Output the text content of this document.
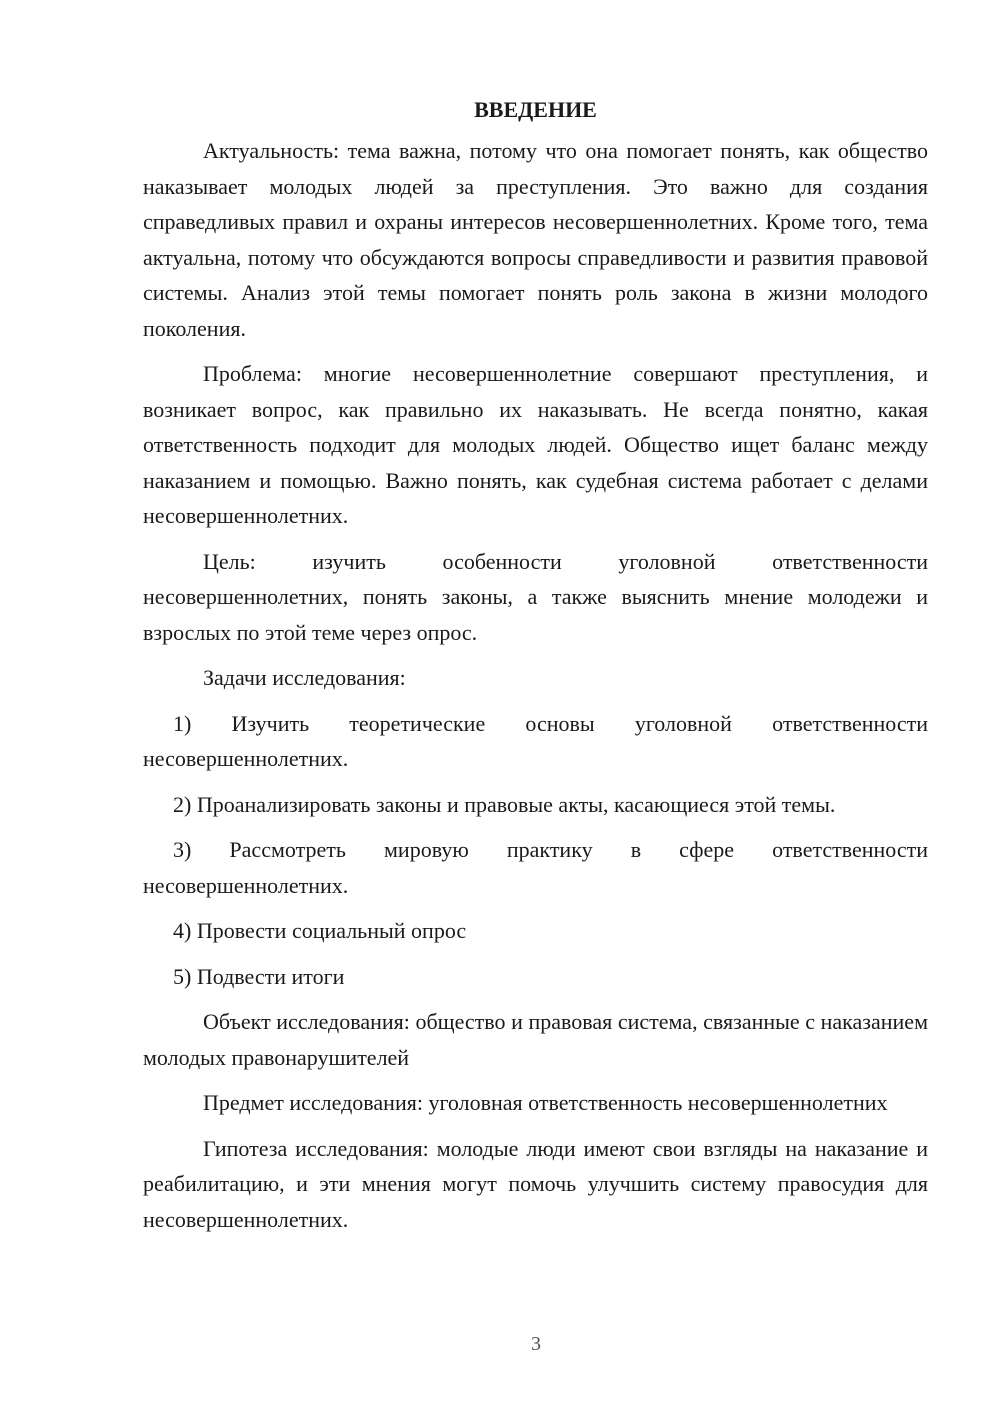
ВВЕДЕНИЕ

Актуальность: тема важна, потому что она помогает понять, как общество наказывает молодых людей за преступления. Это важно для создания справедливых правил и охраны интересов несовершеннолетних. Кроме того, тема актуальна, потому что обсуждаются вопросы справедливости и развития правовой системы. Анализ этой темы помогает понять роль закона в жизни молодого поколения.

Проблема: многие несовершеннолетние совершают преступления, и возникает вопрос, как правильно их наказывать. Не всегда понятно, какая ответственность подходит для молодых людей. Общество ищет баланс между наказанием и помощью. Важно понять, как судебная система работает с делами несовершеннолетних.

Цель: изучить особенности уголовной ответственности несовершеннолетних, понять законы, а также выяснить мнение молодежи и взрослых по этой теме через опрос.

Задачи исследования:

1) Изучить теоретические основы уголовной ответственности несовершеннолетних.

2) Проанализировать законы и правовые акты, касающиеся этой темы.

3) Рассмотреть мировую практику в сфере ответственности несовершеннолетних.

4) Провести социальный опрос

5) Подвести итоги

Объект исследования: общество и правовая система, связанные с наказанием молодых правонарушителей

Предмет исследования: уголовная ответственность несовершеннолетних

Гипотеза исследования: молодые люди имеют свои взгляды на наказание и реабилитацию, и эти мнения могут помочь улучшить систему правосудия для несовершеннолетних.

3
